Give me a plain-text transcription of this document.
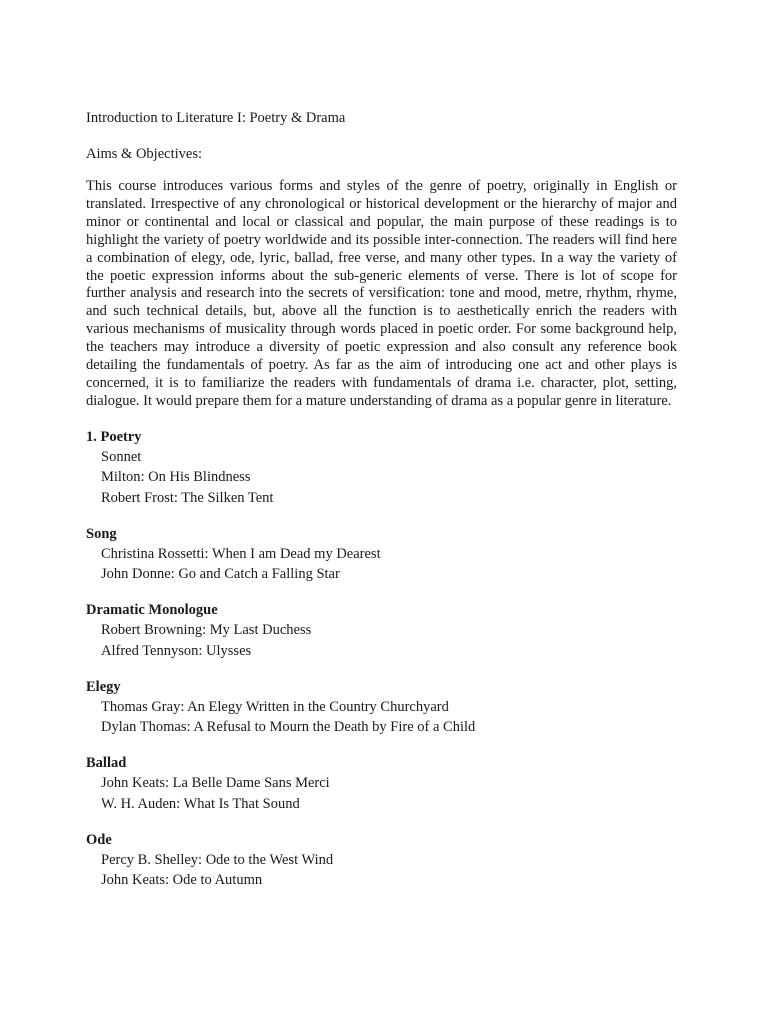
Introduction to Literature I: Poetry & Drama
Aims & Objectives:
This course introduces various forms and styles of the genre of poetry, originally in English or translated. Irrespective of any chronological or historical development or the hierarchy of major and minor or continental and local or classical and popular, the main purpose of these readings is to highlight the variety of poetry worldwide and its possible inter-connection. The readers will find here a combination of elegy, ode, lyric, ballad, free verse, and many other types. In a way the variety of the poetic expression informs about the sub-generic elements of verse. There is lot of scope for further analysis and research into the secrets of versification: tone and mood, metre, rhythm, rhyme, and such technical details, but, above all the function is to aesthetically enrich the readers with various mechanisms of musicality through words placed in poetic order. For some background help, the teachers may introduce a diversity of poetic expression and also consult any reference book detailing the fundamentals of poetry. As far as the aim of introducing one act and other plays is concerned, it is to familiarize the readers with fundamentals of drama i.e. character, plot, setting, dialogue. It would prepare them for a mature understanding of drama as a popular genre in literature.
1. Poetry
Sonnet
Milton: On His Blindness
Robert Frost: The Silken Tent
Song
Christina Rossetti: When I am Dead my Dearest
John Donne: Go and Catch a Falling Star
Dramatic Monologue
Robert Browning: My Last Duchess
Alfred Tennyson: Ulysses
Elegy
Thomas Gray: An Elegy Written in the Country Churchyard
Dylan Thomas: A Refusal to Mourn the Death by Fire of a Child
Ballad
John Keats: La Belle Dame Sans Merci
W. H. Auden: What Is That Sound
Ode
Percy B. Shelley: Ode to the West Wind
John Keats: Ode to Autumn
